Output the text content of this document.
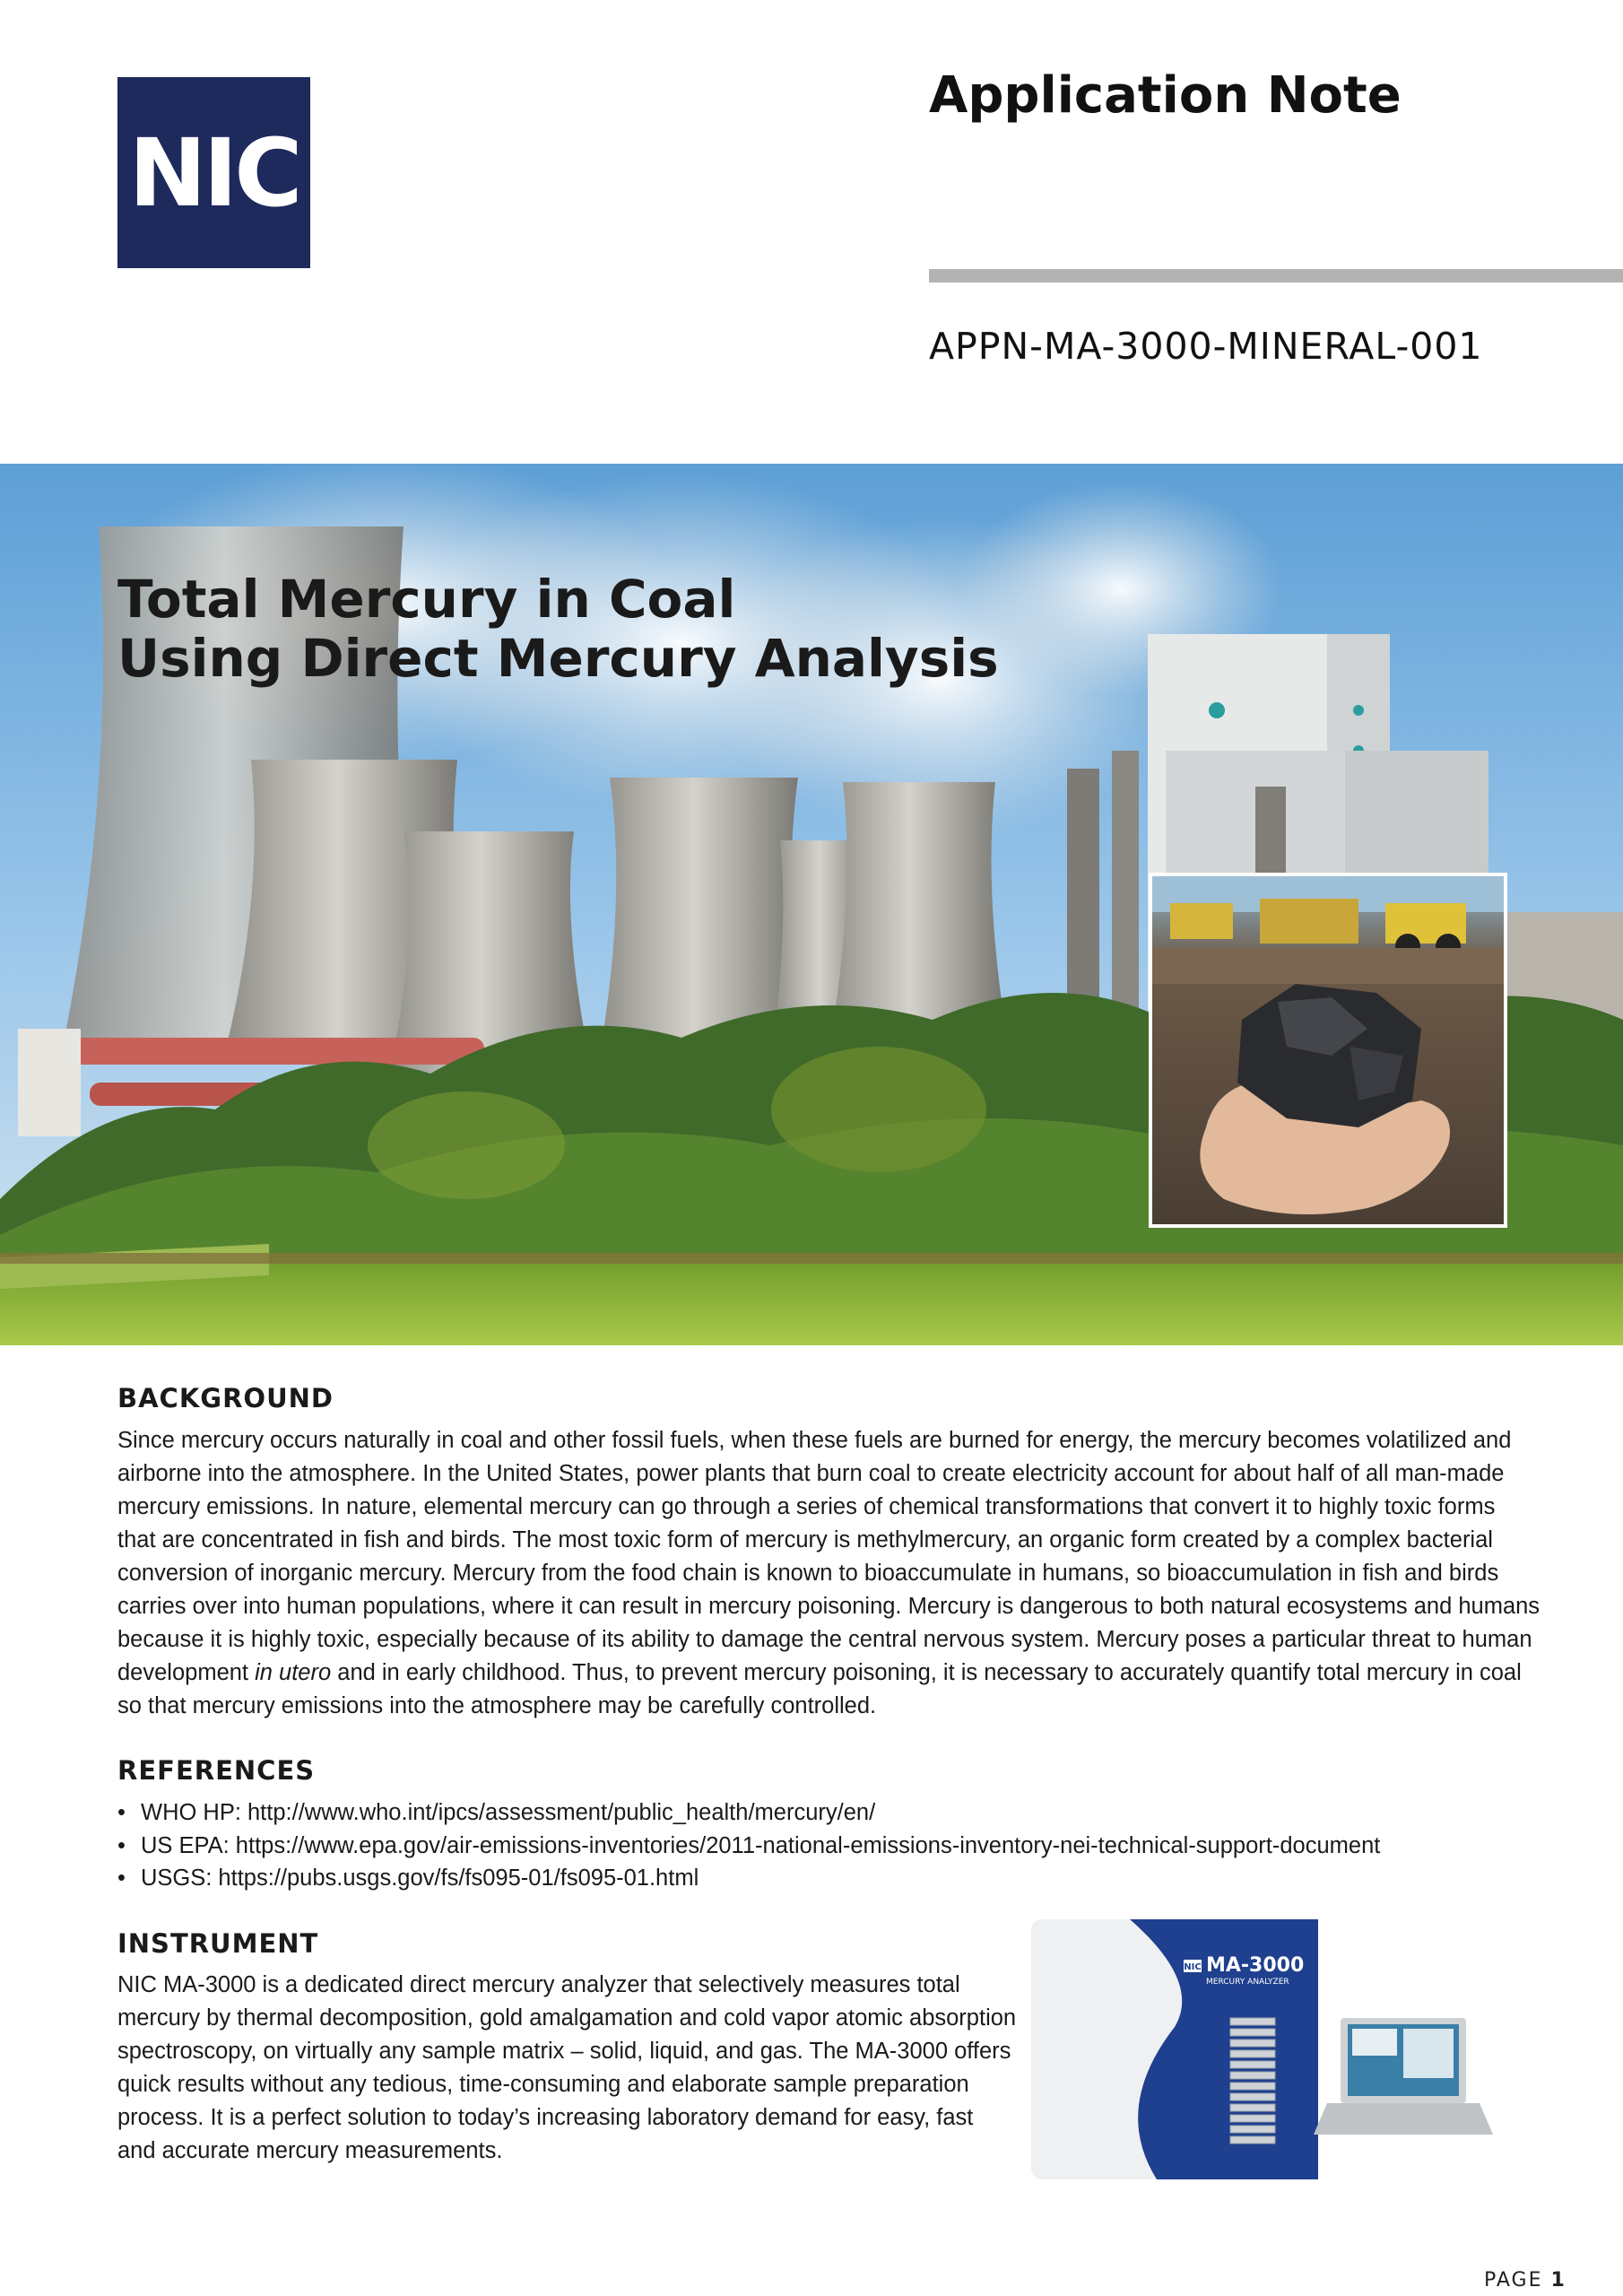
NIC
Application Note
APPN-MA-3000-MINERAL-001
Total Mercury in Coal
Using Direct Mercury Analysis
BACKGROUND
Since mercury occurs naturally in coal and other fossil fuels, when these fuels are burned for energy, the mercury becomes volatilized and
airborne into the atmosphere. In the United States, power plants that burn coal to create electricity account for about half of all man-made
mercury emissions. In nature, elemental mercury can go through a series of chemical transformations that convert it to highly toxic forms
that are concentrated in fish and birds. The most toxic form of mercury is methylmercury, an organic form created by a complex bacterial
conversion of inorganic mercury. Mercury from the food chain is known to bioaccumulate in humans, so bioaccumulation in fish and birds
carries over into human populations, where it can result in mercury poisoning. Mercury is dangerous to both natural ecosystems and humans
because it is highly toxic, especially because of its ability to damage the central nervous system. Mercury poses a particular threat to human
development in utero and in early childhood. Thus, to prevent mercury poisoning, it is necessary to accurately quantify total mercury in coal
so that mercury emissions into the atmosphere may be carefully controlled.
REFERENCES
• WHO HP: http://www.who.int/ipcs/assessment/public_health/mercury/en/
• US EPA: https://www.epa.gov/air-emissions-inventories/2011-national-emissions-inventory-nei-technical-support-document
• USGS: https://pubs.usgs.gov/fs/fs095-01/fs095-01.html
INSTRUMENT
NIC MA-3000 is a dedicated direct mercury analyzer that selectively measures total
mercury by thermal decomposition, gold amalgamation and cold vapor atomic absorption
spectroscopy, on virtually any sample matrix – solid, liquid, and gas. The MA-3000 offers
quick results without any tedious, time-consuming and elaborate sample preparation
process. It is a perfect solution to today’s increasing laboratory demand for easy, fast
and accurate mercury measurements.
NIC MA-3000
MERCURY ANALYZER
PAGE 1
